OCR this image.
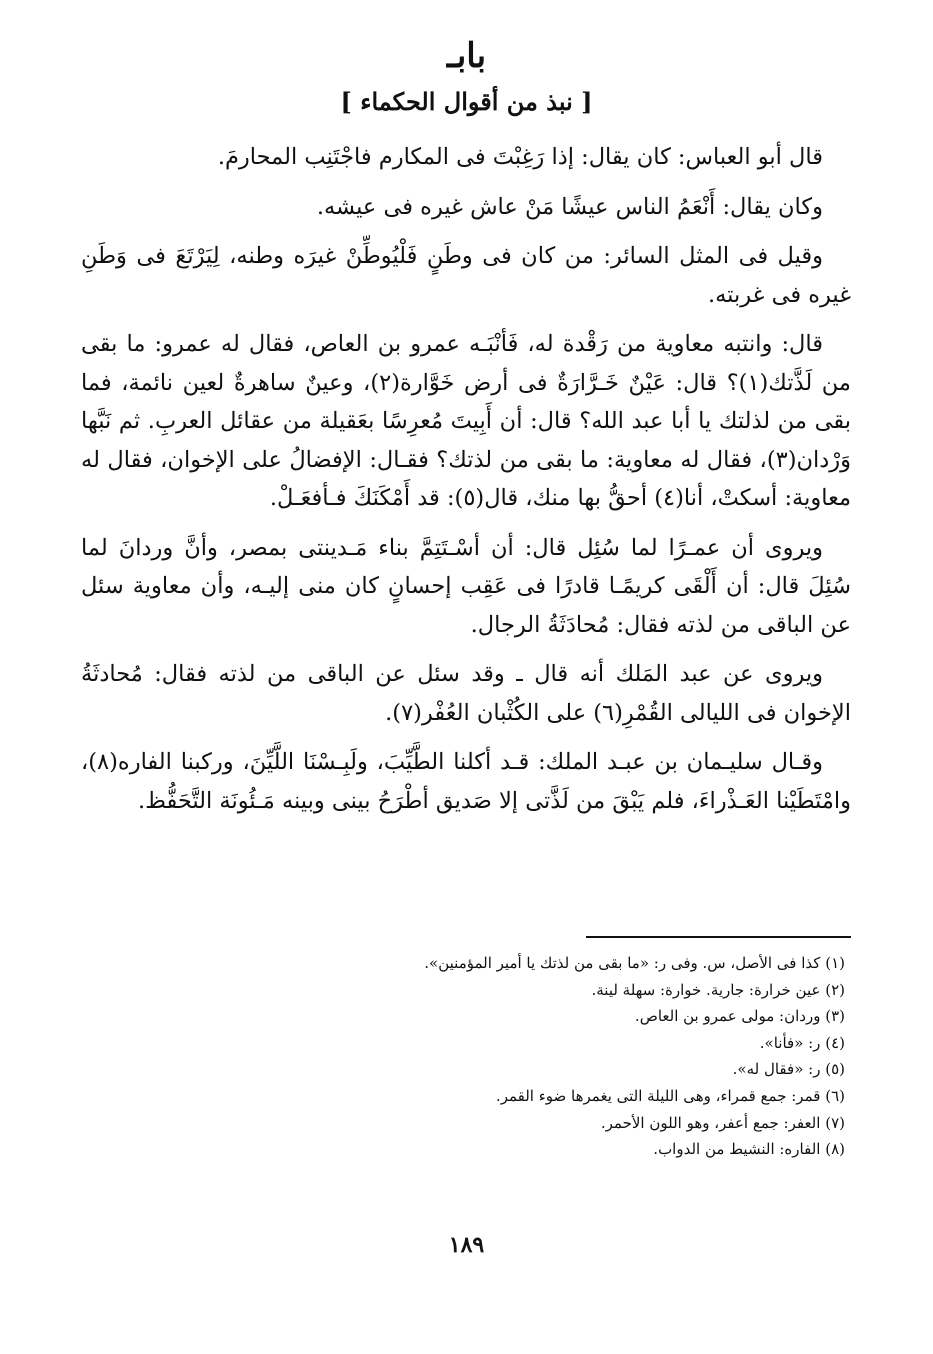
بابـ
[ نبذ من أقوال الحكماء ]

قال أبو العباس: كان يقال: إذا رَغِبْتَ فى المكارم فاجْتَنِب المحارمَ.

وكان يقال: أَنْعَمُ الناس عيشًا مَنْ عاش غيره فى عيشه.

وقيل فى المثل السائر: من كان فى وطَنٍ فَلْيُوطِّنْ غيرَه وطنه، لِيَرْتَعَ فى وَطَنِ غيره فى غربته.

قال: وانتبه معاوية من رَقْدة له، فَأنْبَـه عمرو بن العاص، فقال له عمرو: ما بقى من لَذَّتك(١)؟ قال: عَيْنٌ خَـرَّارَةٌ فى أرض خَوَّارة(٢)، وعينٌ ساهرةٌ لعين نائمة، فما بقى من لذلتك يا أبا عبد الله؟ قال: أن أَبِيتَ مُعرِسًا بعَقيلة من عقائل العربِ. ثم نَبَّها وَرْدان(٣)، فقال له معاوية: ما بقى من لذتك؟ فقـال: الإفضالُ على الإخوان، فقال له معاوية: أسكتْ، أنا(٤) أحقُّ بها منك، قال(٥): قد أَمْكَنَكَ فـأفعَـلْ.

ويروى أن عمـرًا لما سُئِل قال: أن أسْـتَتِمَّ بناء مَـدينتى بمصر، وأنَّ وردانَ لما سُئِلَ قال: أن أَلْقَى كريمًـا قادرًا فى عَقِب إحسانٍ كان منى إليـه، وأن معاوية سئل عن الباقى من لذته فقال: مُحادَثَةُ الرجال.

ويروى عن عبد المَلك أنه قال ـ وقد سئل عن الباقى من لذته فقال: مُحادثَةُ الإخوان فى الليالى القُمْرِ(٦) على الكُثْبان العُفْر(٧).

وقـال سليـمان بن عبـد الملك: قـد أكلنا الطَّيِّبَ، ولَبِـسْنَا اللَّيِّنَ، وركبنا الفاره(٨)، وامْتَطَيْنا العَـذْراءَ، فلم يَبْقَ من لَذَّتى إلا صَديق أطْرَحُ بينى وبينه مَـئُونَة التَّحَفُّظ.

(١) كذا فى الأصل، س. وفى ر: «ما بقى من لذتك يا أمير المؤمنين».
(٢) عين خرارة: جارية. خوارة: سهلة لينة.
(٣) وردان: مولى عمرو بن العاص.
(٤) ر: «فأنا».
(٥) ر: «فقال له».
(٦) قمر: جمع قمراء، وهى الليلة التى يغمرها ضوء القمر.
(٧) العفر: جمع أعفر، وهو اللون الأحمر.
(٨) الفاره: النشيط من الدواب.
١٨٩
